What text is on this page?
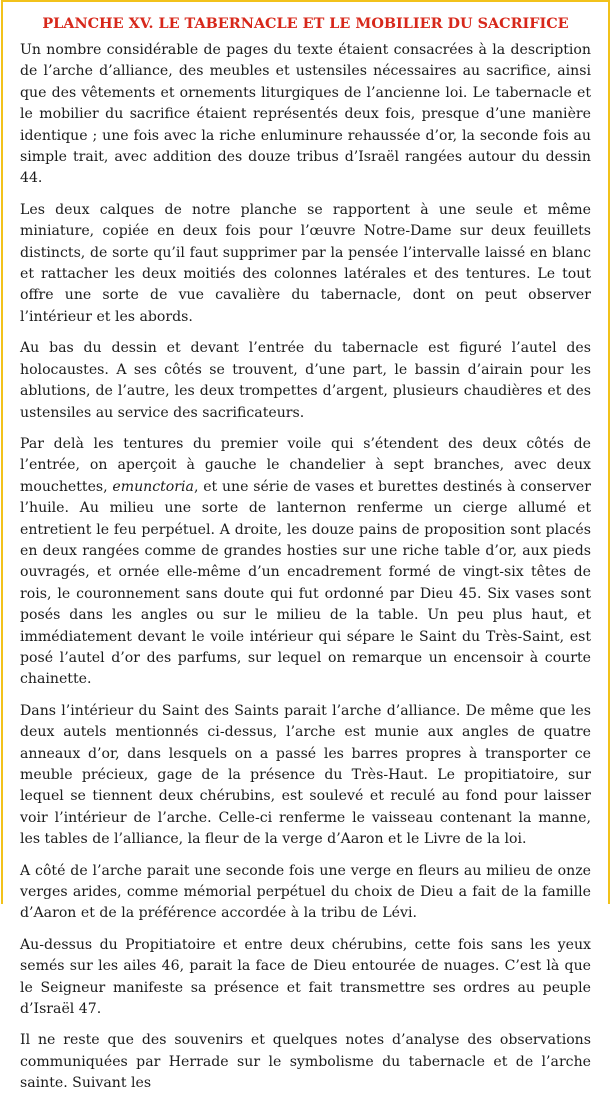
PLANCHE XV. LE TABERNACLE ET LE MOBILIER DU SACRIFICE

Un nombre considérable de pages du texte étaient consacrées à la description de l’arche d’alliance, des meubles et ustensiles nécessaires au sacrifice, ainsi que des vêtements et ornements liturgiques de l’ancienne loi. Le tabernacle et le mobilier du sacrifice étaient représentés deux fois, presque d’une manière identique ; une fois avec la riche enluminure rehaussée d’or, la seconde fois au simple trait, avec addition des douze tribus d’Israël rangées autour du dessin 44.

Les deux calques de notre planche se rapportent à une seule et même miniature, copiée en deux fois pour l’œuvre Notre-Dame sur deux feuillets distincts, de sorte qu’il faut supprimer par la pensée l’intervalle laissé en blanc et rattacher les deux moitiés des colonnes latérales et des tentures. Le tout offre une sorte de vue cavalière du tabernacle, dont on peut observer l’intérieur et les abords.

Au bas du dessin et devant l’entrée du tabernacle est figuré l’autel des holocaustes. A ses côtés se trouvent, d’une part, le bassin d’airain pour les ablutions, de l’autre, les deux trompettes d’argent, plusieurs chaudières et des ustensiles au service des sacrificateurs.

Par delà les tentures du premier voile qui s’étendent des deux côtés de l’entrée, on aperçoit à gauche le chandelier à sept branches, avec deux mouchettes, emunctoria, et une série de vases et burettes destinés à conserver l’huile. Au milieu une sorte de lanternon renferme un cierge allumé et entretient le feu perpétuel. A droite, les douze pains de proposition sont placés en deux rangées comme de grandes hosties sur une riche table d’or, aux pieds ouvragés, et ornée elle-même d’un encadrement formé de vingt-six têtes de rois, le couronnement sans doute qui fut ordonné par Dieu 45. Six vases sont posés dans les angles ou sur le milieu de la table. Un peu plus haut, et immédiatement devant le voile intérieur qui sépare le Saint du Très-Saint, est posé l’autel d’or des parfums, sur lequel on remarque un encensoir à courte chainette.

Dans l’intérieur du Saint des Saints parait l’arche d’alliance. De même que les deux autels mentionnés ci-dessus, l’arche est munie aux angles de quatre anneaux d’or, dans lesquels on a passé les barres propres à transporter ce meuble précieux, gage de la présence du Très-Haut. Le propitiatoire, sur lequel se tiennent deux chérubins, est soulevé et reculé au fond pour laisser voir l’intérieur de l’arche. Celle-ci renferme le vaisseau contenant la manne, les tables de l’alliance, la fleur de la verge d’Aaron et le Livre de la loi.

A côté de l’arche parait une seconde fois une verge en fleurs au milieu de onze verges arides, comme mémorial perpétuel du choix de Dieu a fait de la famille d’Aaron et de la préférence accordée à la tribu de Lévi.

Au-dessus du Propitiatoire et entre deux chérubins, cette fois sans les yeux semés sur les ailes 46, parait la face de Dieu entourée de nuages. C’est là que le Seigneur manifeste sa présence et fait transmettre ses ordres au peuple d’Israël 47.

Il ne reste que des souvenirs et quelques notes d’analyse des observations communiquées par Herrade sur le symbolisme du tabernacle et de l’arche sainte. Suivant les
